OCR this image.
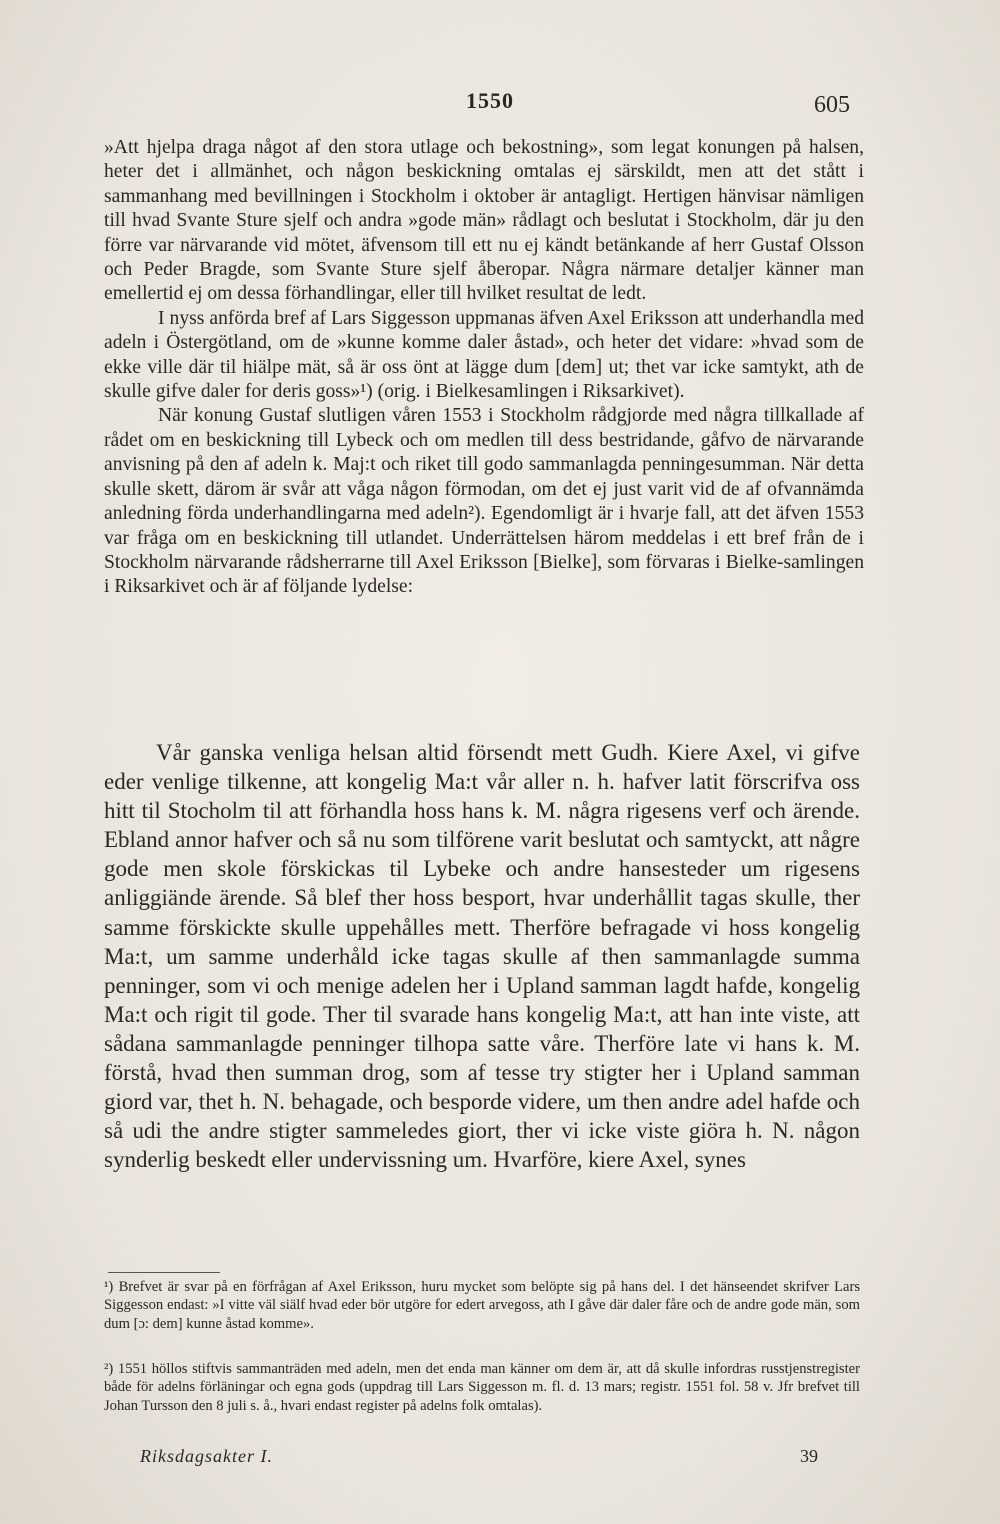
1550	605

»Att hjelpa draga något af den stora utlage och bekostning», som legat konungen på halsen, heter det i allmänhet, och någon beskickning omtalas ej särskildt, men att det stått i sammanhang med bevillningen i Stockholm i oktober är antagligt. Hertigen hänvisar nämligen till hvad Svante Sture sjelf och andra »gode män» rådlagt och beslutat i Stockholm, där ju den förre var närvarande vid mötet, äfvensom till ett nu ej kändt betänkande af herr Gustaf Olsson och Peder Bragde, som Svante Sture sjelf åberopar. Några närmare detaljer känner man emellertid ej om dessa förhandlingar, eller till hvilket resultat de ledt.

I nyss anförda bref af Lars Siggesson uppmanas äfven Axel Eriksson att underhandla med adeln i Östergötland, om de »kunne komme daler åstad», och heter det vidare: »hvad som de ekke ville där til hiälpe mät, så är oss önt at lägge dum [dem] ut; thet var icke samtykt, ath de skulle gifve daler for deris goss»¹) (orig. i Bielkesamlingen i Riksarkivet).

När konung Gustaf slutligen våren 1553 i Stockholm rådgjorde med några tillkallade af rådet om en beskickning till Lybeck och om medlen till dess bestridande, gåfvo de närvarande anvisning på den af adeln k. Maj:t och riket till godo sammanlagda penningesumman. När detta skulle skett, därom är svår att våga någon förmodan, om det ej just varit vid de af ofvannämda anledning förda underhandlingarna med adeln²). Egendomligt är i hvarje fall, att det äfven 1553 var fråga om en beskickning till utlandet. Underrättelsen härom meddelas i ett bref från de i Stockholm närvarande rådsherrarne till Axel Eriksson [Bielke], som förvaras i Bielke-samlingen i Riksarkivet och är af följande lydelse:

Vår ganska venliga helsan altid försendt mett Gudh. Kiere Axel, vi gifve eder venlige tilkenne, att kongelig Ma:t vår aller n. h. hafver latit förscrifva oss hitt til Stocholm til att förhandla hoss hans k. M. några rigesens verf och ärende. Ebland annor hafver och så nu som tilförene varit beslutat och samtyckt, att någre gode men skole förskickas til Lybeke och andre hansesteder um rigesens anliggiände ärende. Så blef ther hoss besport, hvar underhållit tagas skulle, ther samme förskickte skulle uppehålles mett. Therföre befragade vi hoss kongelig Ma:t, um samme underhåld icke tagas skulle af then sammanlagde summa penninger, som vi och menige adelen her i Upland samman lagdt hafde, kongelig Ma:t och rigit til gode. Ther til svarade hans kongelig Ma:t, att han inte viste, att sådana sammanlagde penninger tilhopa satte våre. Therföre late vi hans k. M. förstå, hvad then summan drog, som af tesse try stigter her i Upland samman giord var, thet h. N. behagade, och besporde videre, um then andre adel hafde och så udi the andre stigter sammeledes giort, ther vi icke viste giöra h. N. någon synderlig beskedt eller undervissning um. Hvarföre, kiere Axel, synes

¹) Brefvet är svar på en förfrågan af Axel Eriksson, huru mycket som belöpte sig på hans del. I det hänseendet skrifver Lars Siggesson endast: »I vitte väl siälf hvad eder bör utgöre for edert arvegoss, ath I gåve där daler fåre och de andre gode män, som dum [ɔ: dem] kunne åstad komme».

²) 1551 höllos stiftvis sammanträden med adeln, men det enda man känner om dem är, att då skulle infordras russtjenstregister både för adelns förläningar och egna gods (uppdrag till Lars Siggesson m. fl. d. 13 mars; registr. 1551 fol. 58 v. Jfr brefvet till Johan Tursson den 8 juli s. å., hvari endast register på adelns folk omtalas).

Riksdagsakter I.	39
